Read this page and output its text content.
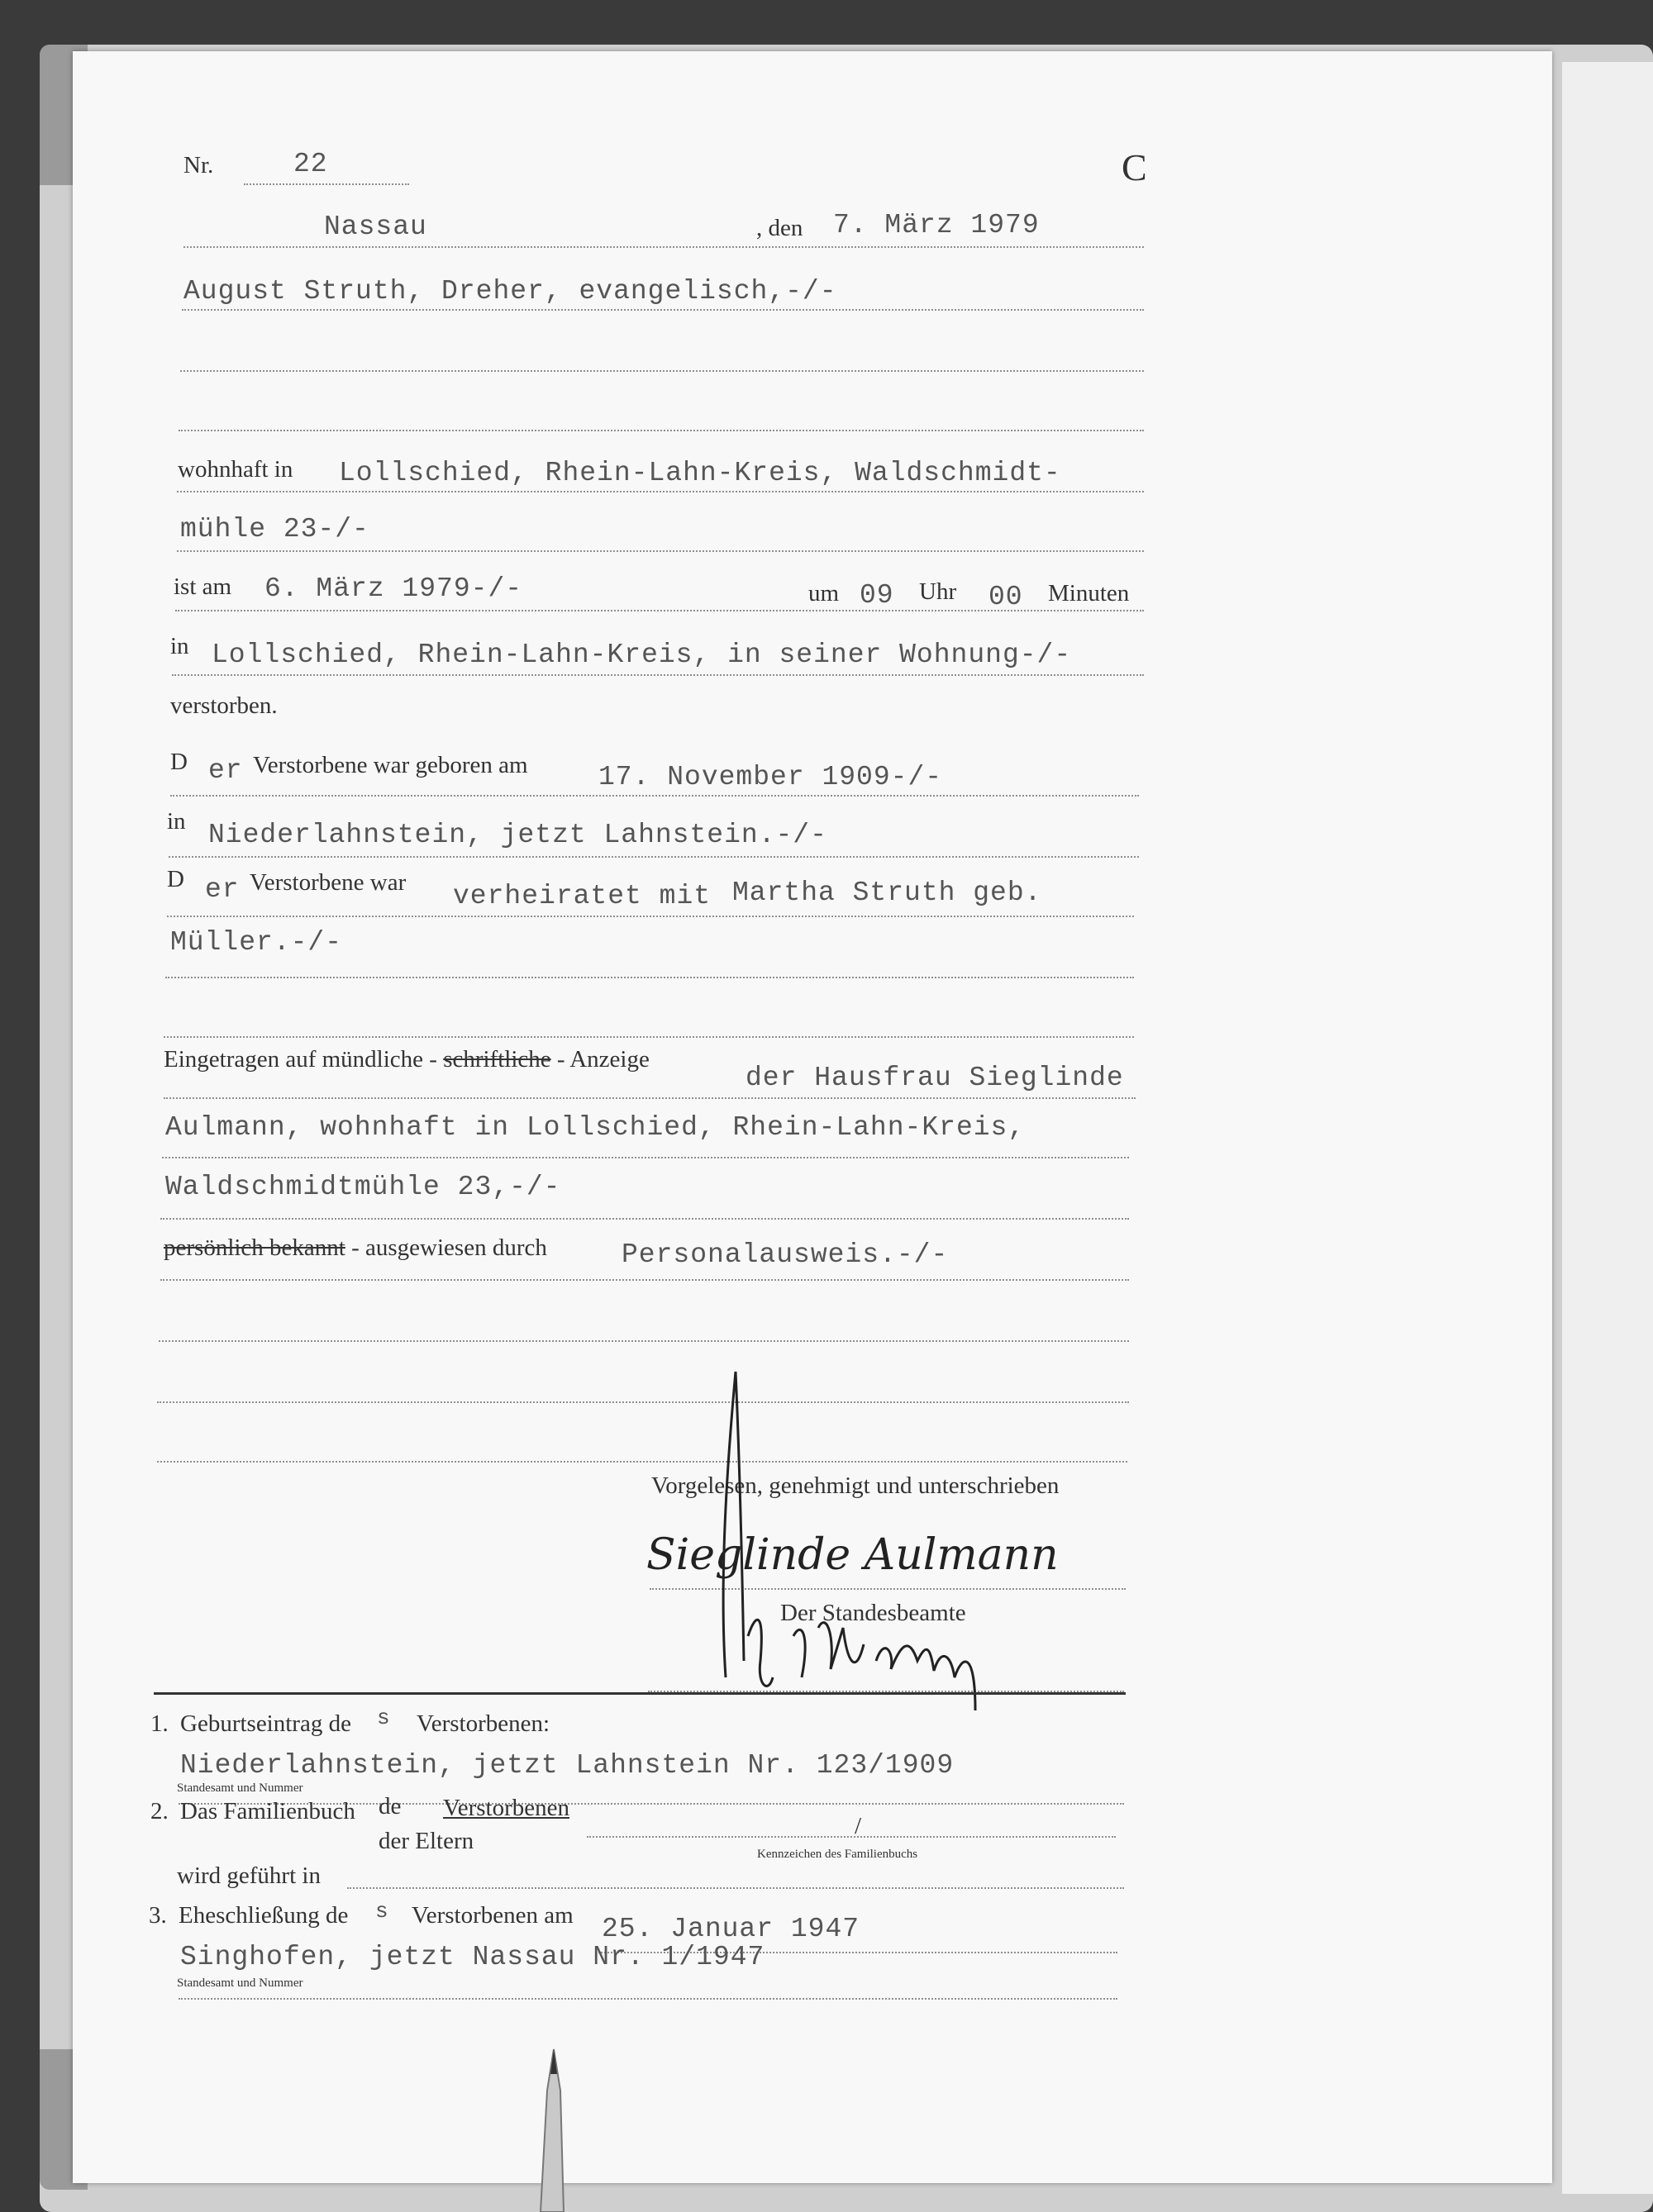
Nr.	22	C
Nassau	, den 7. März 1979
August Struth, Dreher, evangelisch,-/-
wohnhaft in Lollschied, Rhein-Lahn-Kreis, Waldschmidt-
mühle 23-/-
ist am 6. März 1979-/-	um 09 Uhr 00 Minuten
in Lollschied, Rhein-Lahn-Kreis, in seiner Wohnung-/-
verstorben.
D er Verstorbene war geboren am	17. November 1909-/-
in Niederlahnstein, jetzt Lahnstein.-/-
D er Verstorbene war verheiratet mit Martha Struth geb.
Müller.-/-
Eingetragen auf mündliche - schriftliche - Anzeige
der Hausfrau Sieglinde
Aulmann, wohnhaft in Lollschied, Rhein-Lahn-Kreis,
Waldschmidtmühle 23,-/-
persönlich bekannt - ausgewiesen durch	Personalausweis.-/-
Vorgelesen, genehmigt und unterschrieben
Sieglinde Aulmann
Der Standesbeamte
1. Geburtseintrag de s Verstorbenen:
Niederlahnstein, jetzt Lahnstein Nr. 123/1909
Standesamt und Nummer
2. Das Familienbuch de Verstorbenen
der Eltern
/
Kennzeichen des Familienbuchs
wird geführt in
3. Eheschließung de s Verstorbenen am 25. Januar 1947
Singhofen, jetzt Nassau Nr. 1/1947
Standesamt und Nummer
